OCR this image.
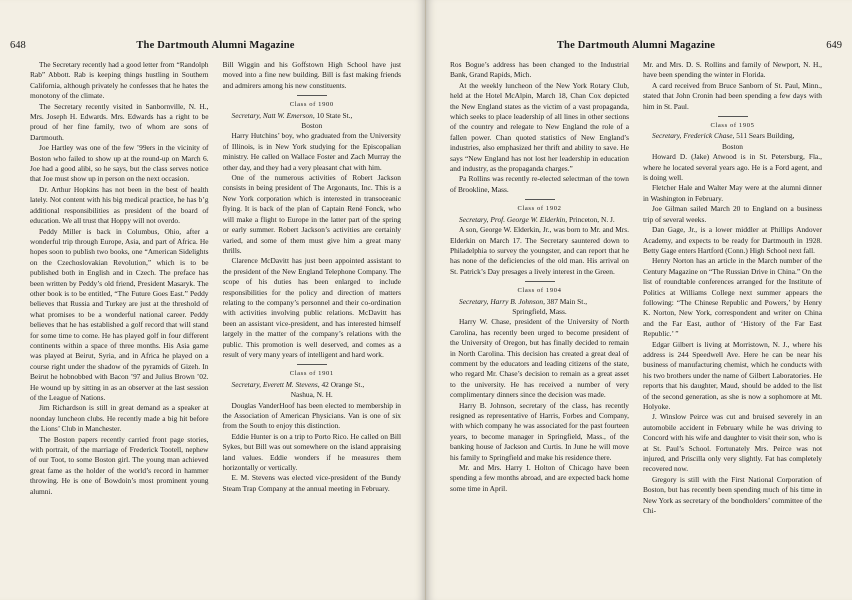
648	The Dartmouth Alumni Magazine

The Secretary recently had a good letter from “Randolph Rab” Abbott. Rab is keeping things hustling in Southern California, although privately he confesses that he hates the monotony of the climate.

The Secretary recently visited in Sanbornville, N. H., Mrs. Joseph H. Edwards. Mrs. Edwards has a right to be proud of her fine family, two of whom are sons of Dartmouth.

Joe Hartley was one of the few ’99ers in the vicinity of Boston who failed to show up at the round-up on March 6. Joe had a good alibi, so he says, but the class serves notice that Joe must show up in person on the next occasion.

Dr. Arthur Hopkins has not been in the best of health lately. Not content with his big medical practice, he has b’g additional responsibilities as president of the board of education. We all trust that Hoppy will not overdo.

Peddy Miller is back in Columbus, Ohio, after a wonderful trip through Europe, Asia, and part of Africa. He hopes soon to publish two books, one “American Sidelights on the Czechoslovakian Revolution,” which is to be published both in English and in Czech. The preface has been written by Peddy’s old friend, President Masaryk. The other book is to be entitled, “The Future Goes East.” Peddy believes that Russia and Turkey are just at the threshold of what promises to be a wonderful national career. Peddy believes that he has established a golf record that will stand for some time to come. He has played golf in four different continents within a space of three months. His Asia game was played at Beirut, Syria, and in Africa he played on a course right under the shadow of the pyramids of Gizeh. In Beirut he hobnobbed with Bacon ’97 and Julius Brown ’02. He wound up by sitting in as an observer at the last session of the League of Nations.

Jim Richardson is still in great demand as a speaker at noonday luncheon clubs. He recently made a big hit before the Lions’ Club in Manchester.

The Boston papers recently carried front page stories, with portrait, of the marriage of Frederick Tootell, nephew of our Toot, to some Boston girl. The young man achieved great fame as the holder of the world’s record in hammer throwing. He is one of Bowdoin’s most prominent young alumni.

Bill Wiggin and his Goffstown High School have just moved into a fine new building. Bill is fast making friends and admirers among his new constituents.

Class of 1900

Secretary, Natt W. Emerson, 10 State St.,

Boston

Harry Hutchins’ boy, who graduated from the University of Illinois, is in New York studying for the Episcopalian ministry. He called on Wallace Foster and Zach Murray the other day, and they had a very pleasant chat with him.

One of the numerous activities of Robert Jackson consists in being president of The Argonauts, Inc. This is a New York corporation which is interested in transoceanic flying. It is back of the plan of Captain René Fonck, who will make a flight to Europe in the latter part of the spring or early summer. Robert Jackson’s activities are certainly varied, and some of them must give him a great many thrills.

Clarence McDavitt has just been appointed assistant to the president of the New England Telephone Company. The scope of his duties has been enlarged to include responsibilities for the policy and direction of matters relating to the company’s personnel and their co-ordination with activities involving public relations. McDavitt has been an assistant vice-president, and has interested himself largely in the matter of the company’s relations with the public. This promotion is well deserved, and comes as a result of very many years of intelligent and hard work.

Class of 1901

Secretary, Everett M. Stevens, 42 Orange St.,

Nashua, N. H.

Douglas VanderHoof has been elected to membership in the Association of American Physicians. Van is one of six from the South to enjoy this distinction.

Eddie Hunter is on a trip to Porto Rico. He called on Bill Sykes, but Bill was out somewhere on the island appraising land values. Eddie wonders if he measures them horizontally or vertically.

E. M. Stevens was elected vice-president of the Bundy Steam Trap Company at the annual meeting in February.

The Dartmouth Alumni Magazine	649

Ros Bogue’s address has been changed to the Industrial Bank, Grand Rapids, Mich.

At the weekly luncheon of the New York Rotary Club, held at the Hotel McAlpin, March 18, Chan Cox depicted the New England states as the victim of a vast propaganda, which seeks to place leadership of all lines in other sections of the country and relegate to New England the role of a fallen power. Chan quoted statistics of New England’s industries, also emphasized her thrift and ability to save. He says “New England has not lost her leadership in education and industry, as the propaganda charges.”

Pa Rollins was recently re-elected selectman of the town of Brookline, Mass.

Class of 1902

Secretary, Prof. George W. Elderkin, Princeton, N. J.

A son, George W. Elderkin, Jr., was born to Mr. and Mrs. Elderkin on March 17. The Secretary sauntered down to Philadelphia to survey the youngster, and can report that he has none of the deficiencies of the old man. His arrival on St. Patrick’s Day presages a lively interest in the Green.

Class of 1904

Secretary, Harry B. Johnson, 387 Main St.,

Springfield, Mass.

Harry W. Chase, president of the University of North Carolina, has recently been urged to become president of the University of Oregon, but has finally decided to remain in North Carolina. This decision has created a great deal of comment by the educators and leading citizens of the state, who regard Mr. Chase’s decision to remain as a great asset to the university. He has received a number of very complimentary dinners since the decision was made.

Harry B. Johnson, secretary of the class, has recently resigned as representative of Harris, Forbes and Company, with which company he was associated for the past fourteen years, to become manager in Springfield, Mass., of the banking house of Jackson and Curtis. In June he will move his family to Springfield and make his residence there.

Mr. and Mrs. Harry I. Holton of Chicago have been spending a few months abroad, and are expected back home some time in April.

Mr. and Mrs. D. S. Rollins and family of Newport, N. H., have been spending the winter in Florida.

A card received from Bruce Sanborn of St. Paul, Minn., stated that John Cronin had been spending a few days with him in St. Paul.

Class of 1905

Secretary, Frederick Chase, 511 Sears Building,

Boston

Howard D. (Jake) Atwood is in St. Petersburg, Fla., where he located several years ago. He is a Ford agent, and is doing well.

Fletcher Hale and Walter May were at the alumni dinner in Washington in February.

Joe Gilman sailed March 20 to England on a business trip of several weeks.

Dan Gage, Jr., is a lower middler at Phillips Andover Academy, and expects to be ready for Dartmouth in 1928. Betty Gage enters Hartford (Conn.) High School next fall.

Henry Norton has an article in the March number of the Century Magazine on “The Russian Drive in China.” On the list of roundtable conferences arranged for the Institute of Politics at Williams College next summer appears the following: “The Chinese Republic and Powers,’ by Henry K. Norton, New York, correspondent and writer on China and the Far East, author of ‘History of the Far East Republic.’ ”

Edgar Gilbert is living at Morristown, N. J., where his address is 244 Speedwell Ave. Here he can be near his business of manufacturing chemist, which he conducts with his two brothers under the name of Gilbert Laboratories. He reports that his daughter, Maud, should be added to the list of the second generation, as she is now a sophomore at Mt. Holyoke.

J. Winslow Peirce was cut and bruised severely in an automobile accident in February while he was driving to Concord with his wife and daughter to visit their son, who is at St. Paul’s School. Fortunately Mrs. Peirce was not injured, and Priscilla only very slightly. Fat has completely recovered now.

Gregory is still with the First National Corporation of Boston, but has recently been spending much of his time in New York as secretary of the bondholders’ committee of the Chi-
